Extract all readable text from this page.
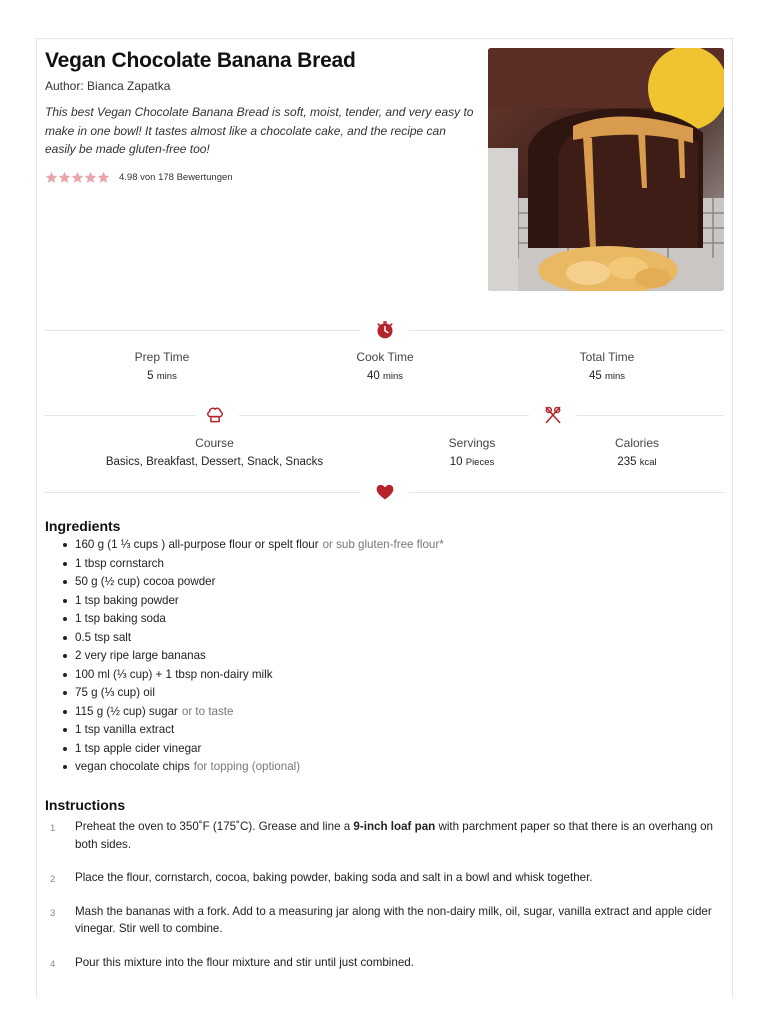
Vegan Chocolate Banana Bread
Author: Bianca Zapatka
This best Vegan Chocolate Banana Bread is soft, moist, tender, and very easy to make in one bowl! It tastes almost like a chocolate cake, and the recipe can easily be made gluten-free too!
4.98 von 178 Bewertungen
Prep Time
5 mins
Cook Time
40 mins
Total Time
45 mins
Course
Basics, Breakfast, Dessert, Snack, Snacks
Servings
10 Pieces
Calories
235 kcal
Ingredients
160 g (1 ⅓ cups ) all-purpose flour or spelt flour or sub gluten-free flour*
1 tbsp cornstarch
50 g (½ cup) cocoa powder
1 tsp baking powder
1 tsp baking soda
0.5 tsp salt
2 very ripe large bananas
100 ml (⅓ cup) + 1 tbsp non-dairy milk
75 g (⅓ cup) oil
115 g (½ cup) sugar or to taste
1 tsp vanilla extract
1 tsp apple cider vinegar
vegan chocolate chips for topping (optional)
Instructions
1 Preheat the oven to 350˚F (175˚C). Grease and line a 9-inch loaf pan with parchment paper so that there is an overhang on both sides.
2 Place the flour, cornstarch, cocoa, baking powder, baking soda and salt in a bowl and whisk together.
3 Mash the bananas with a fork. Add to a measuring jar along with the non-dairy milk, oil, sugar, vanilla extract and apple cider vinegar. Stir well to combine.
4 Pour this mixture into the flour mixture and stir until just combined.
